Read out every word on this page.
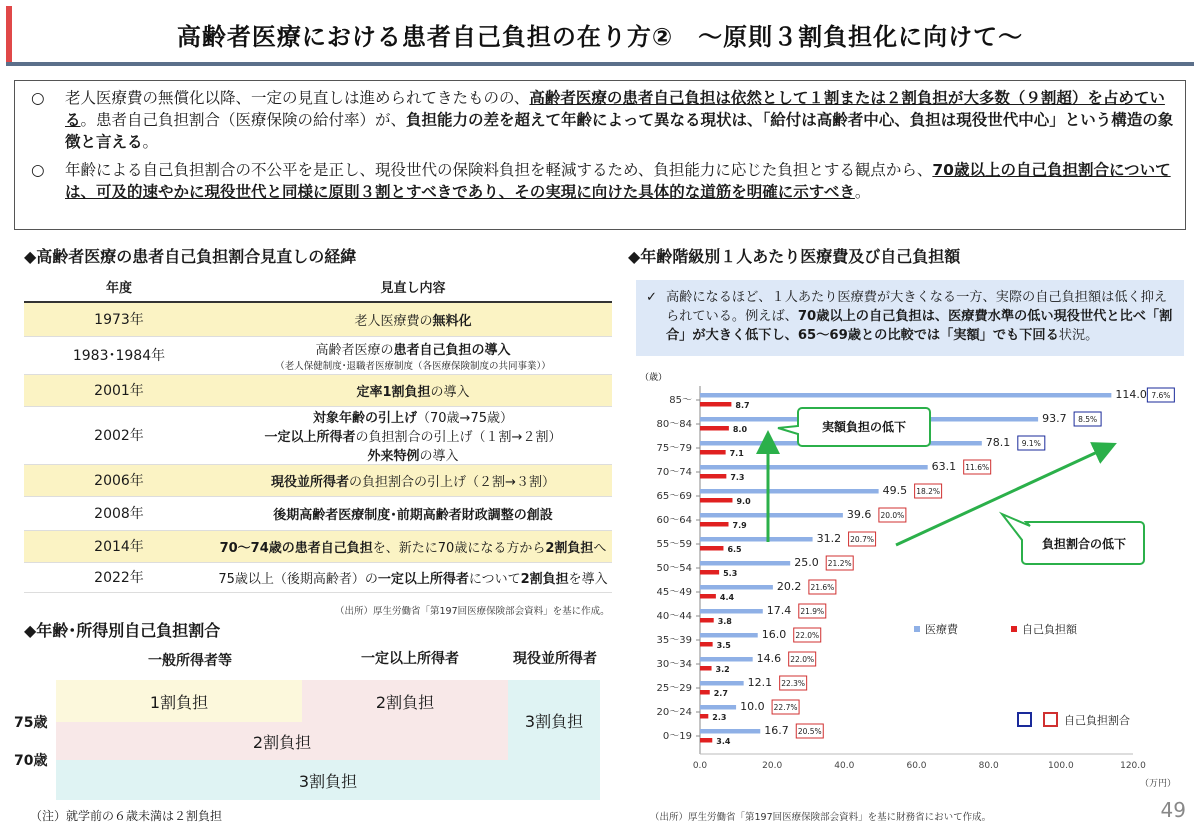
高齢者医療における患者自己負担の在り方②　～原則３割負担化に向けて～
○	老人医療費の無償化以降、一定の見直しは進められてきたものの、高齢者医療の患者自己負担は依然として１割または２割負担が大多数（９割超）を占めている。患者自己負担割合（医療保険の給付率）が、負担能力の差を超えて年齢によって異なる現状は、「給付は高齢者中心、負担は現役世代中心」という構造の象徴と言える。
○	年齢による自己負担割合の不公平を是正し、現役世代の保険料負担を軽減するため、負担能力に応じた負担とする観点から、70歳以上の自己負担割合については、可及的速やかに現役世代と同様に原則３割とすべきであり、その実現に向けた具体的な道筋を明確に示すべき。
◆高齢者医療の患者自己負担割合見直しの経緯
年度	見直し内容
1973年	老人医療費の無料化
1983･1984年	高齢者医療の患者自己負担の導入
（老人保健制度･退職者医療制度（各医療保険制度の共同事業））

2001年	定率1割負担の導入
2002年	対象年齢の引上げ（70歳→75歳）
一定以上所得者の負担割合の引上げ（１割→２割）
外来特例の導入

2006年	現役並所得者の負担割合の引上げ（２割→３割）
2008年	後期高齢者医療制度･前期高齢者財政調整の創設
2014年	70～74歳の患者自己負担を、新たに70歳になる方から2割負担へ
2022年	75歳以上（後期高齢者）の一定以上所得者について2割負担を導入
（出所）厚生労働省「第197回医療保険部会資料」を基に作成。
◆年齢･所得別自己負担割合
一般所得者等	一定以上所得者	現役並所得者
1割負担	2割負担
3割負担
2割負担
3割負担
75歳
70歳
（注）就学前の６歳未満は２割負担
◆年齢階級別１人あたり医療費及び自己負担額
✓ 高齢になるほど、１人あたり医療費が大きくなる一方、実際の自己負担額は低く抑えられている。例えば、70歳以上の自己負担は、医療費水準の低い現役世代と比べ「割合」が大きく低下し、65～69歳との比較では「実額」でも下回る状況。
（歳）
0.0	20.0	40.0	60.0	80.0	100.0	120.0
（万円）
85～	114.0
8.7
7.6%
80～84	93.7
8.0
8.5%
75～79	78.1
7.1
9.1%
70～74	63.1
7.3
11.6%
65～69	49.5
9.0
18.2%
60～64	39.6
7.9
20.0%
55～59	31.2
6.5
20.7%
50～54	25.0
5.3
21.2%
45～49	20.2
4.4
21.6%
40～44	17.4
3.8
21.9%
35～39	16.0
3.5
22.0%
30～34	14.6
3.2
22.0%
25～29	12.1
2.7
22.3%
20～24	10.0
2.3
22.7%
0～19	16.7
3.4
20.5%
医療費	自己負担額
自己負担割合
実額負担の低下
負担割合の低下
（出所）厚生労働省「第197回医療保険部会資料」を基に財務省において作成。	49
